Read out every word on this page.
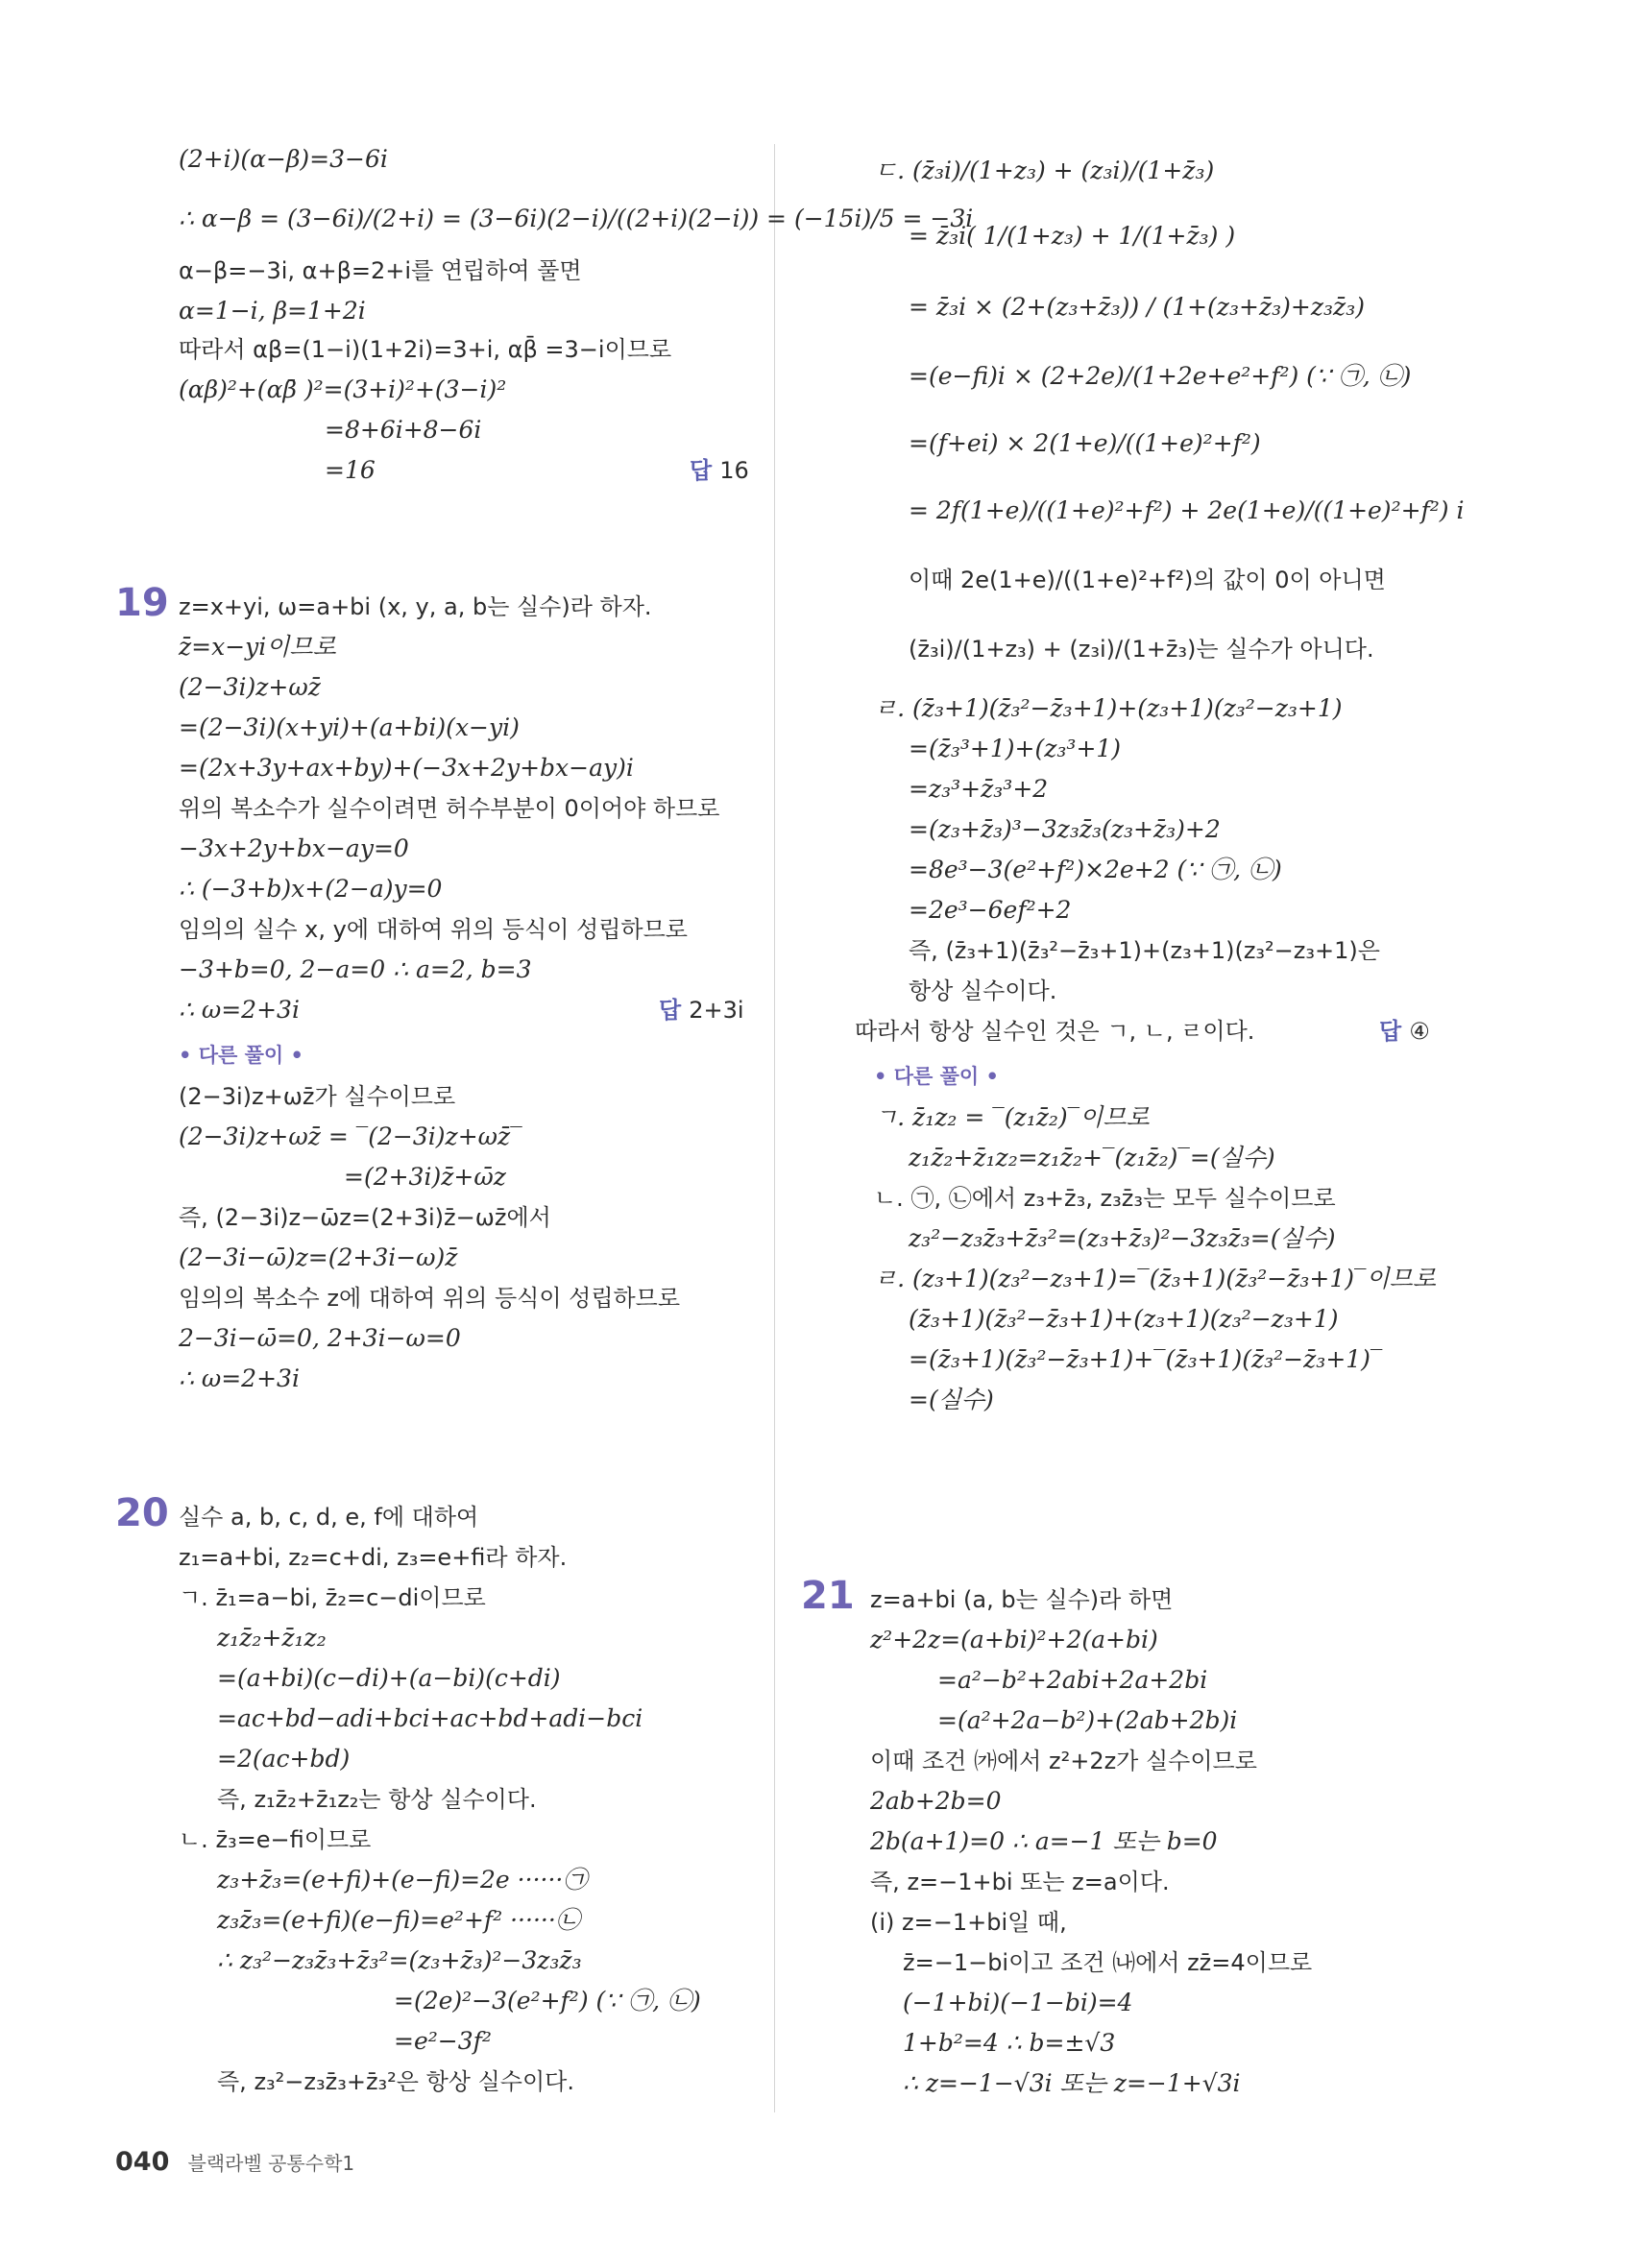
(2+i)(α−β)=3−6i
∴ α−β = (3−6i)/(2+i) = (3−6i)(2−i)/((2+i)(2−i)) = (−15i)/5 = −3i
α−β=−3i, α+β=2+i를 연립하여 풀면
α=1−i, β=1+2i
따라서 αβ=(1−i)(1+2i)=3+i, αβ̄ =3−i이므로
(αβ)²+(αβ̄ )²=(3+i)²+(3−i)²
=8+6i+8−6i
=16	답 16
19 z=x+yi, ω=a+bi (x, y, a, b는 실수)라 하자.
z̄=x−yi이므로
(2−3i)z+ωz̄
=(2−3i)(x+yi)+(a+bi)(x−yi)
=(2x+3y+ax+by)+(−3x+2y+bx−ay)i
위의 복소수가 실수이려면 허수부분이 0이어야 하므로
−3x+2y+bx−ay=0
∴ (−3+b)x+(2−a)y=0
임의의 실수 x, y에 대하여 위의 등식이 성립하므로
−3+b=0, 2−a=0 ∴ a=2, b=3
∴ ω=2+3i	답 2+3i
• 다른 풀이 •
(2−3i)z+ωz̄가 실수이므로
(2−3i)z+ωz̄ = ‾(2−3i)z+ωz̄‾
=(2+3i)z̄+ω̄z
즉, (2−3i)z−ω̄z=(2+3i)z̄−ωz̄에서
(2−3i−ω̄)z=(2+3i−ω)z̄
임의의 복소수 z에 대하여 위의 등식이 성립하므로
2−3i−ω̄=0, 2+3i−ω=0
∴ ω=2+3i
20 실수 a, b, c, d, e, f에 대하여
z₁=a+bi, z₂=c+di, z₃=e+fi라 하자.
ㄱ. z̄₁=a−bi, z̄₂=c−di이므로
z₁z̄₂+z̄₁z₂
=(a+bi)(c−di)+(a−bi)(c+di)
=ac+bd−adi+bci+ac+bd+adi−bci
=2(ac+bd)
즉, z₁z̄₂+z̄₁z₂는 항상 실수이다.
ㄴ. z̄₃=e−fi이므로
z₃+z̄₃=(e+fi)+(e−fi)=2e ······㉠
z₃z̄₃=(e+fi)(e−fi)=e²+f² ······㉡
∴ z₃²−z₃z̄₃+z̄₃²=(z₃+z̄₃)²−3z₃z̄₃
=(2e)²−3(e²+f²) (∵ ㉠, ㉡)
=e²−3f²
즉, z₃²−z₃z̄₃+z̄₃²은 항상 실수이다.
ㄷ. (z̄₃i)/(1+z₃) + (z₃i)/(1+z̄₃)
= z̄₃i( 1/(1+z₃) + 1/(1+z̄₃) )
= z̄₃i × (2+(z₃+z̄₃)) / (1+(z₃+z̄₃)+z₃z̄₃)
=(e−fi)i × (2+2e)/(1+2e+e²+f²) (∵ ㉠, ㉡)
=(f+ei) × 2(1+e)/((1+e)²+f²)
= 2f(1+e)/((1+e)²+f²) + 2e(1+e)/((1+e)²+f²) i
이때 2e(1+e)/((1+e)²+f²)의 값이 0이 아니면
(z̄₃i)/(1+z₃) + (z₃i)/(1+z̄₃)는 실수가 아니다.
ㄹ. (z̄₃+1)(z̄₃²−z̄₃+1)+(z₃+1)(z₃²−z₃+1)
=(z̄₃³+1)+(z₃³+1)
=z₃³+z̄₃³+2
=(z₃+z̄₃)³−3z₃z̄₃(z₃+z̄₃)+2
=8e³−3(e²+f²)×2e+2 (∵ ㉠, ㉡)
=2e³−6ef²+2
즉, (z̄₃+1)(z̄₃²−z̄₃+1)+(z₃+1)(z₃²−z₃+1)은
항상 실수이다.
따라서 항상 실수인 것은 ㄱ, ㄴ, ㄹ이다.	답 ④
• 다른 풀이 •
ㄱ. z̄₁z₂ = ‾(z₁z̄₂)‾이므로
z₁z̄₂+z̄₁z₂=z₁z̄₂+‾(z₁z̄₂)‾=(실수)
ㄴ. ㉠, ㉡에서 z₃+z̄₃, z₃z̄₃는 모두 실수이므로
z₃²−z₃z̄₃+z̄₃²=(z₃+z̄₃)²−3z₃z̄₃=(실수)
ㄹ. (z₃+1)(z₃²−z₃+1)=‾(z̄₃+1)(z̄₃²−z̄₃+1)‾이므로
(z̄₃+1)(z̄₃²−z̄₃+1)+(z₃+1)(z₃²−z₃+1)
=(z̄₃+1)(z̄₃²−z̄₃+1)+‾(z̄₃+1)(z̄₃²−z̄₃+1)‾
=(실수)
21 z=a+bi (a, b는 실수)라 하면
z²+2z=(a+bi)²+2(a+bi)
=a²−b²+2abi+2a+2bi
=(a²+2a−b²)+(2ab+2b)i
이때 조건 ㈎에서 z²+2z가 실수이므로
2ab+2b=0
2b(a+1)=0 ∴ a=−1 또는 b=0
즉, z=−1+bi 또는 z=a이다.
(ⅰ) z=−1+bi일 때,
z̄=−1−bi이고 조건 ㈏에서 zz̄=4이므로
(−1+bi)(−1−bi)=4
1+b²=4 ∴ b=±√3
∴ z=−1−√3i 또는 z=−1+√3i
040 블랙라벨 공통수학1
